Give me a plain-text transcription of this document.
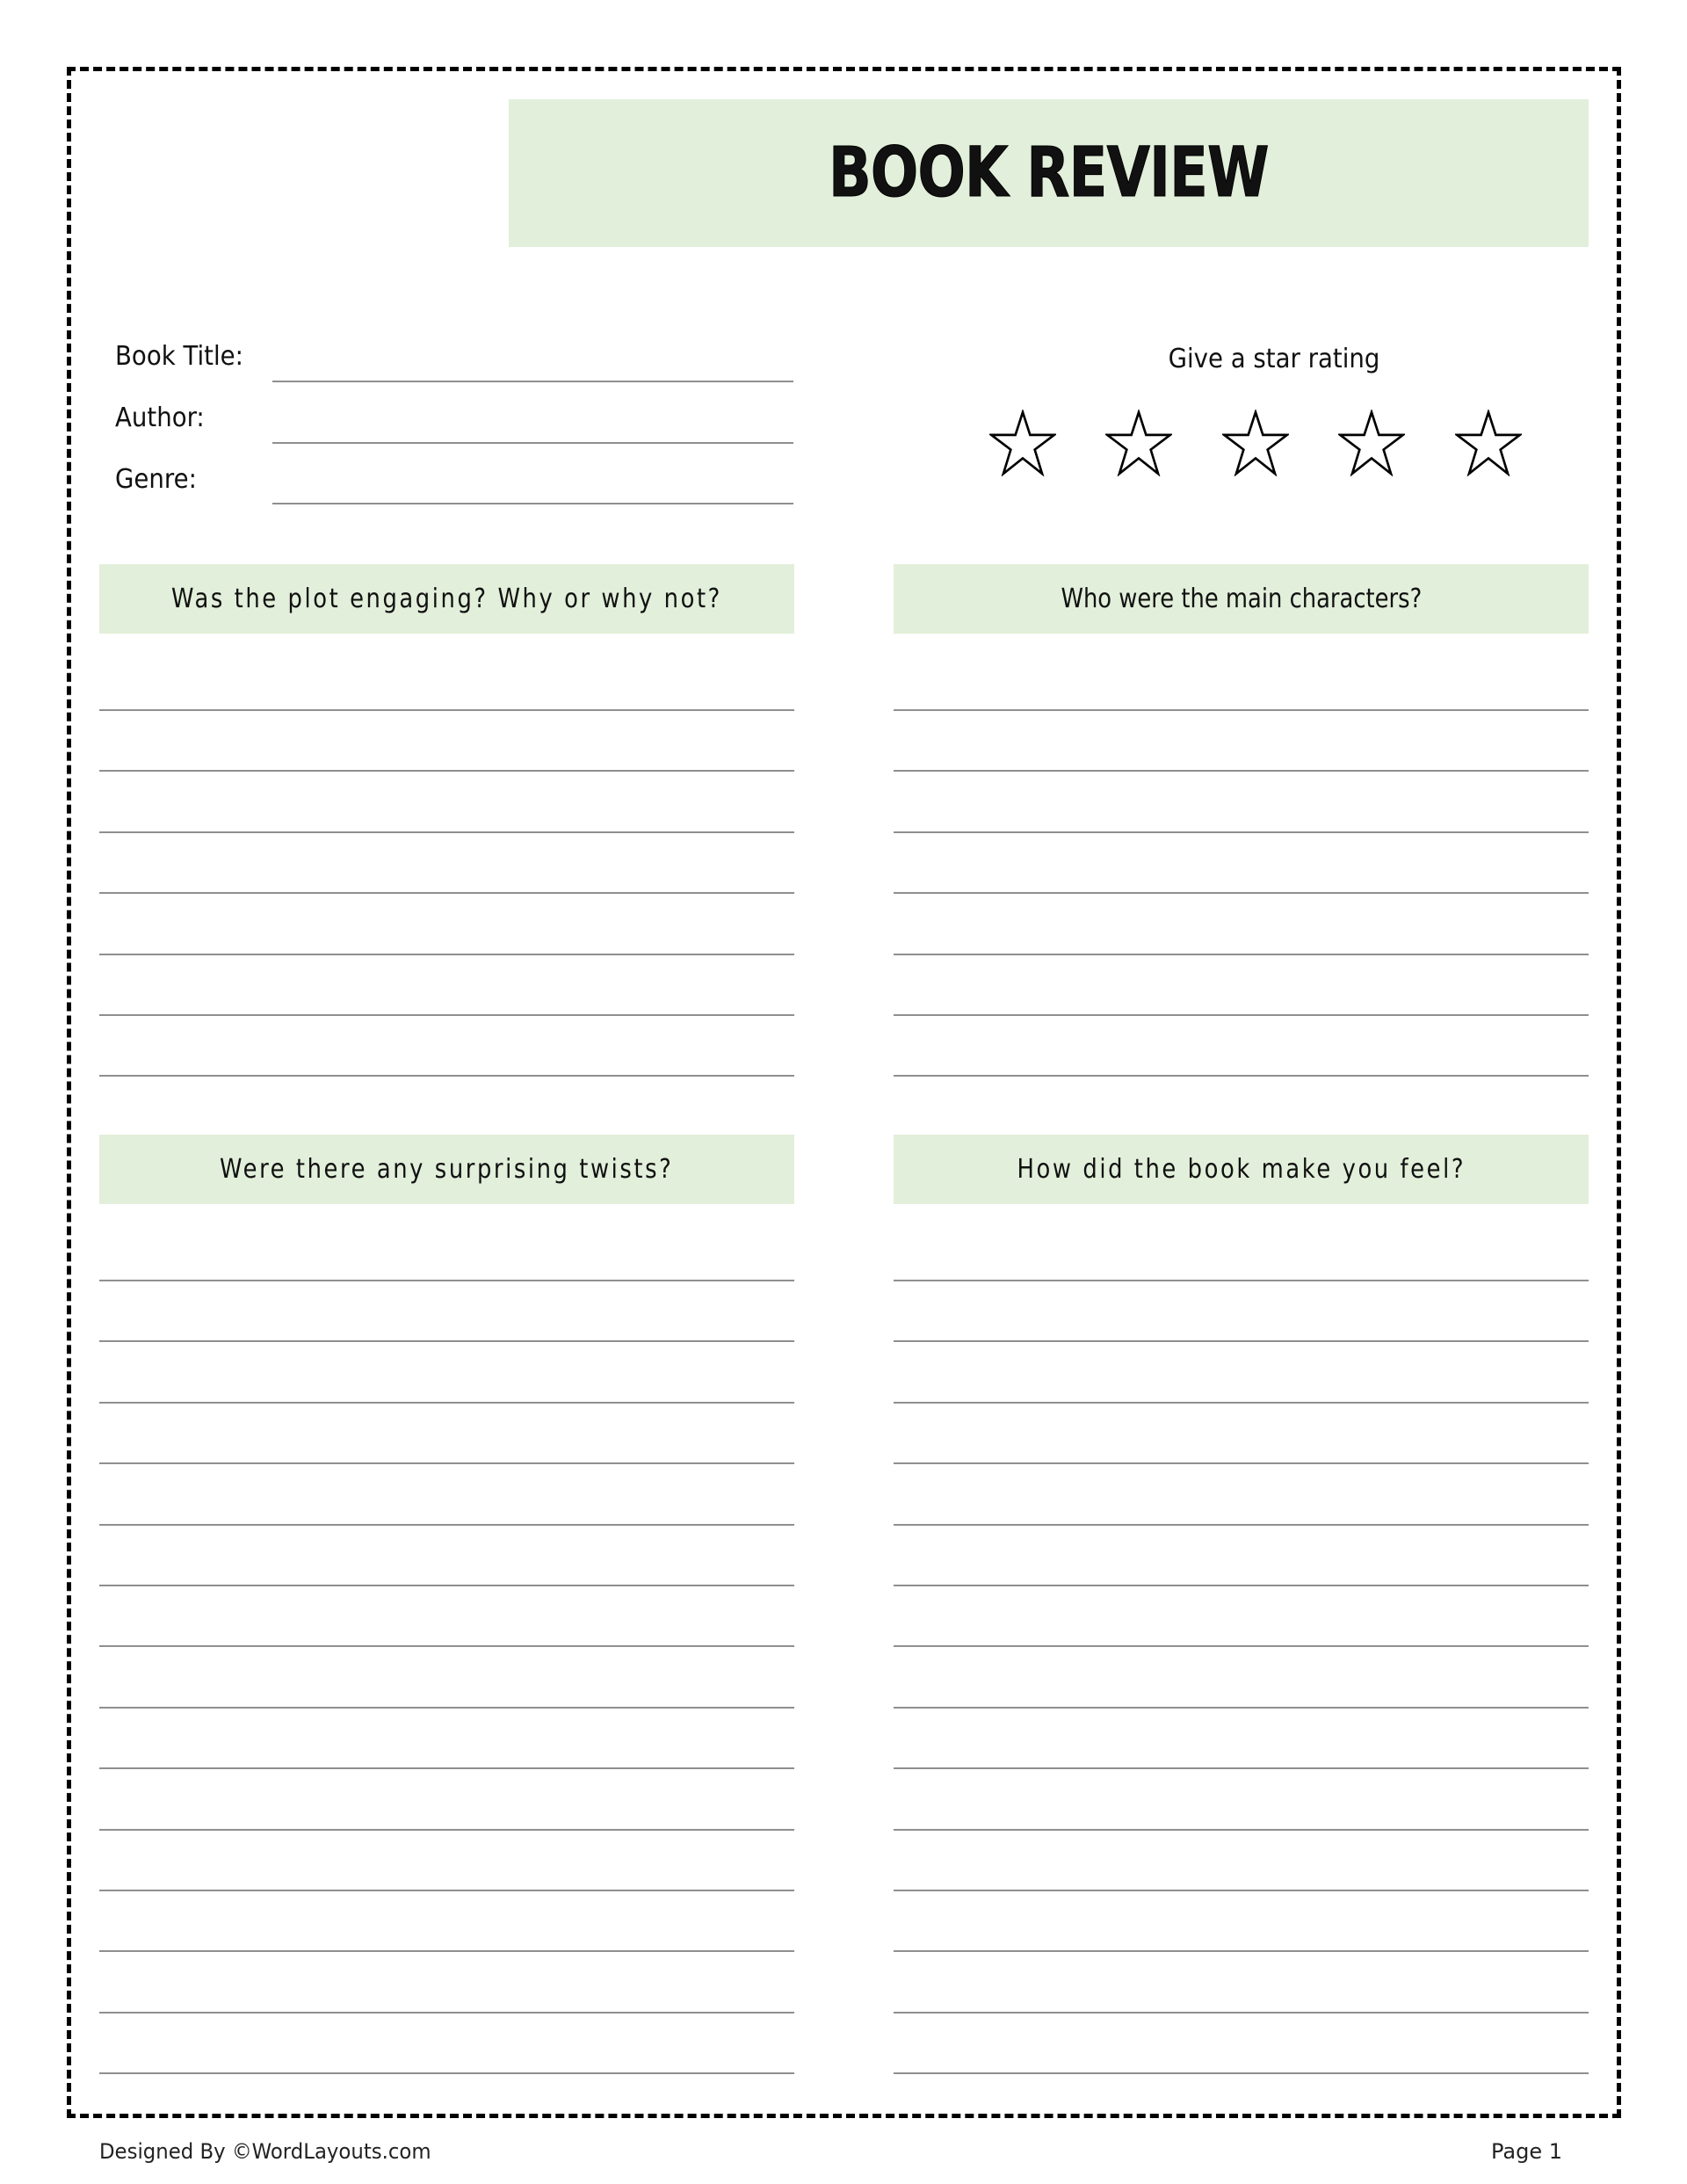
BOOK REVIEW
Book Title:
Author:
Genre:
Give a star rating
Was the plot engaging? Why or why not?	Who were the main characters?
Were there any surprising twists?	How did the book make you feel?
Designed By ©WordLayouts.com	Page 1
